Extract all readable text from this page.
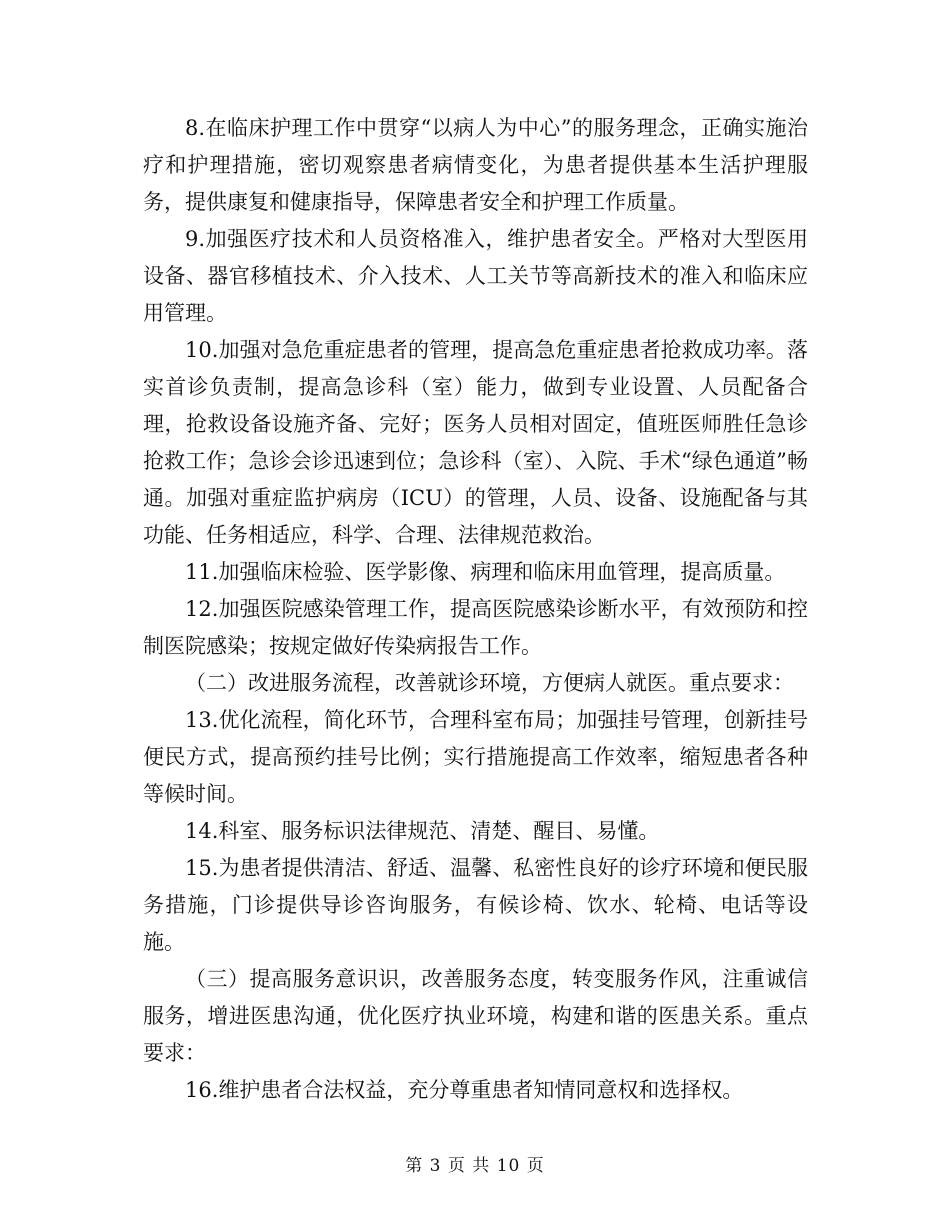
8.在临床护理工作中贯穿“以病人为中心”的服务理念，正确实施治疗和护理措施，密切观察患者病情变化，为患者提供基本生活护理服务，提供康复和健康指导，保障患者安全和护理工作质量。

9.加强医疗技术和人员资格准入，维护患者安全。严格对大型医用设备、器官移植技术、介入技术、人工关节等高新技术的准入和临床应用管理。

10.加强对急危重症患者的管理，提高急危重症患者抢救成功率。落实首诊负责制，提高急诊科（室）能力，做到专业设置、人员配备合理，抢救设备设施齐备、完好；医务人员相对固定，值班医师胜任急诊抢救工作；急诊会诊迅速到位；急诊科（室）、入院、手术“绿色通道”畅通。加强对重症监护病房（ICU）的管理，人员、设备、设施配备与其功能、任务相适应，科学、合理、法律规范救治。

11.加强临床检验、医学影像、病理和临床用血管理，提高质量。

12.加强医院感染管理工作，提高医院感染诊断水平，有效预防和控制医院感染；按规定做好传染病报告工作。

（二）改进服务流程，改善就诊环境，方便病人就医。重点要求：

13.优化流程，简化环节，合理科室布局；加强挂号管理，创新挂号便民方式，提高预约挂号比例；实行措施提高工作效率，缩短患者各种等候时间。

14.科室、服务标识法律规范、清楚、醒目、易懂。

15.为患者提供清洁、舒适、温馨、私密性良好的诊疗环境和便民服务措施，门诊提供导诊咨询服务，有候诊椅、饮水、轮椅、电话等设施。

（三）提高服务意识识，改善服务态度，转变服务作风，注重诚信服务，增进医患沟通，优化医疗执业环境，构建和谐的医患关系。重点要求：

16.维护患者合法权益，充分尊重患者知情同意权和选择权。

第 3 页 共 10 页
